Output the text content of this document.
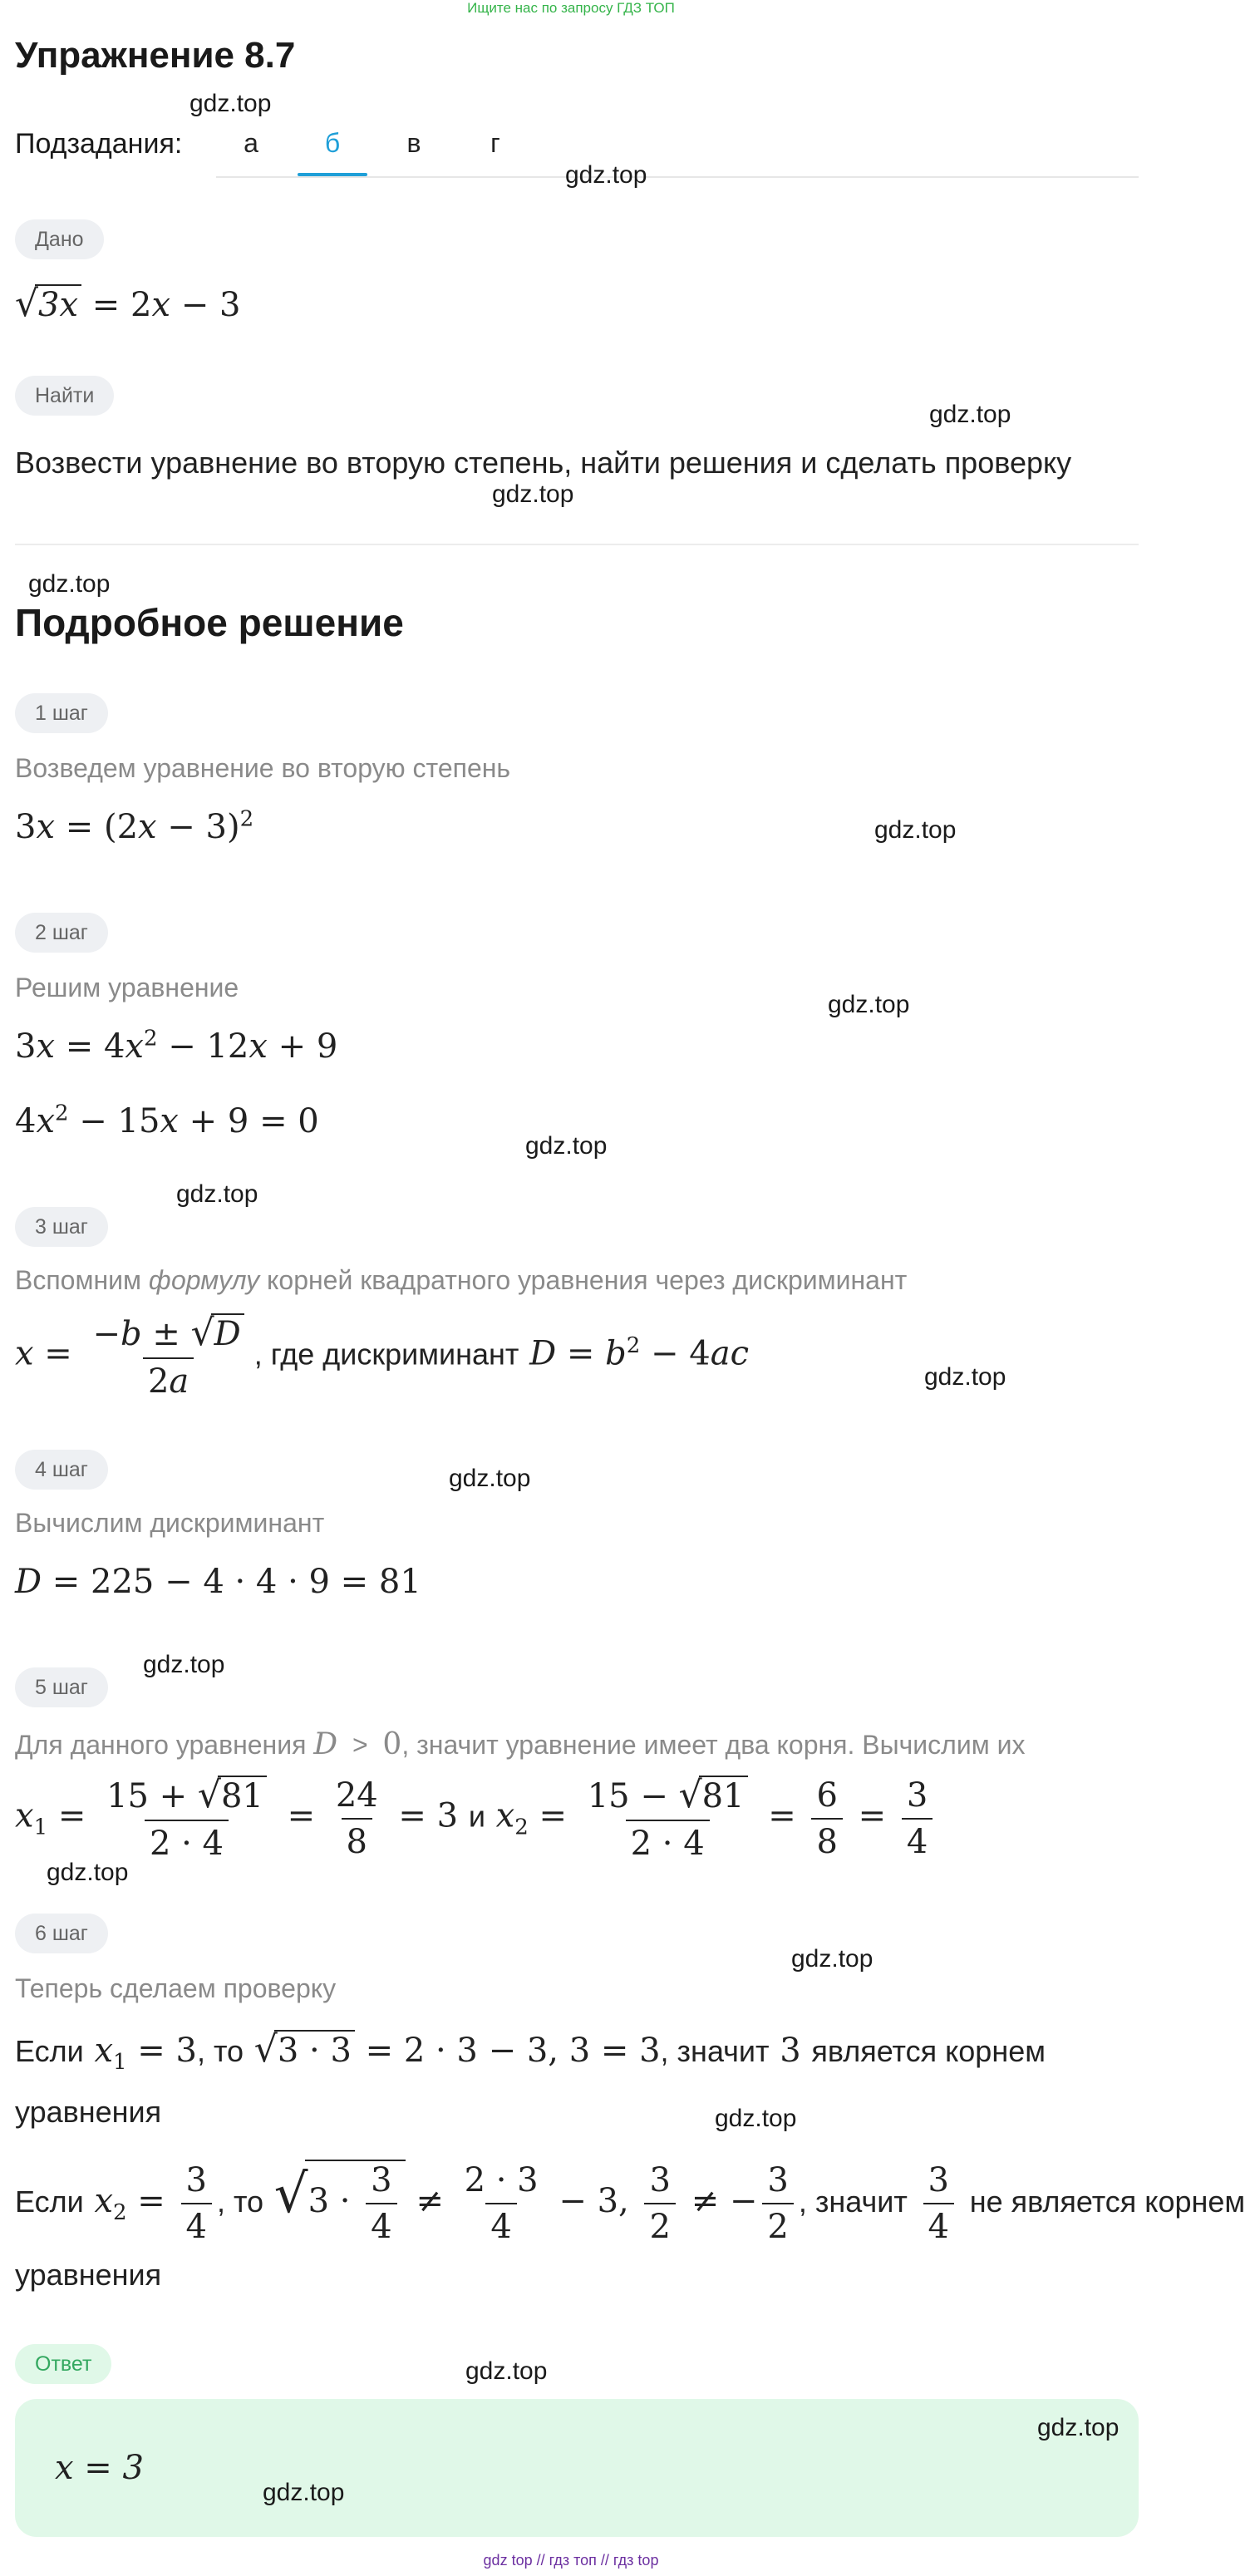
Ищите нас по запросу ГДЗ ТОП
Упражнение 8.7
Подзадания:	а	б	в	г
Дано
√3x = 2x − 3
Найти
Возвести уравнение во вторую степень, найти решения и сделать проверку
Подробное решение
1 шаг
Возведем уравнение во вторую степень
$3x = (2x - 3)^2$
2 шаг
Решим уравнение
$3x = 4x^2 - 12x + 9$
$4x^2 - 15x + 9 = 0$
3 шаг
Вспомним формулу корней квадратного уравнения через дискриминант
$x = \frac{-b \pm √D}{2a}$ , где дискриминант $D = b^2 - 4ac$
4 шаг
Вычислим дискриминант
D = 225 − 4 · 4 · 9 = 81
5 шаг
Для данного уравнения D  >  0, значит уравнение имеет два корня. Вычислим их
$x_1 = \frac{15 + √81}{2 \cdot 4} = \frac{24}{8} = 3$ и $x_2 = \frac{15 - √81}{2 \cdot 4} = \frac{6}{8} = \frac{3}{4}$
6 шаг
Теперь сделаем проверку
Если $x_1 = 3$, то √3 · 3 = 2 · 3 − 3, 3 = 3, значит 3 является корнем
уравнения
Если $x_2 = \frac{3}{4}$ , то $√3 \cdot \frac{3}{4} \ne \frac{2 \cdot 3}{4} - 3$, $\frac{3}{2}$ ≠ − $\frac{3}{2}$ , значит $\frac{3}{4}$ не является корнем
уравнения
Ответ
x = 3
gdz.top
gdz.top
gdz.top
gdz.top
gdz.top
gdz.top
gdz.top
gdz.top
gdz.top
gdz.top
gdz.top
gdz.top
gdz.top
gdz.top
gdz.top
gdz.top
gdz.top
gdz.top
gdz top // гдз топ // гдз top
